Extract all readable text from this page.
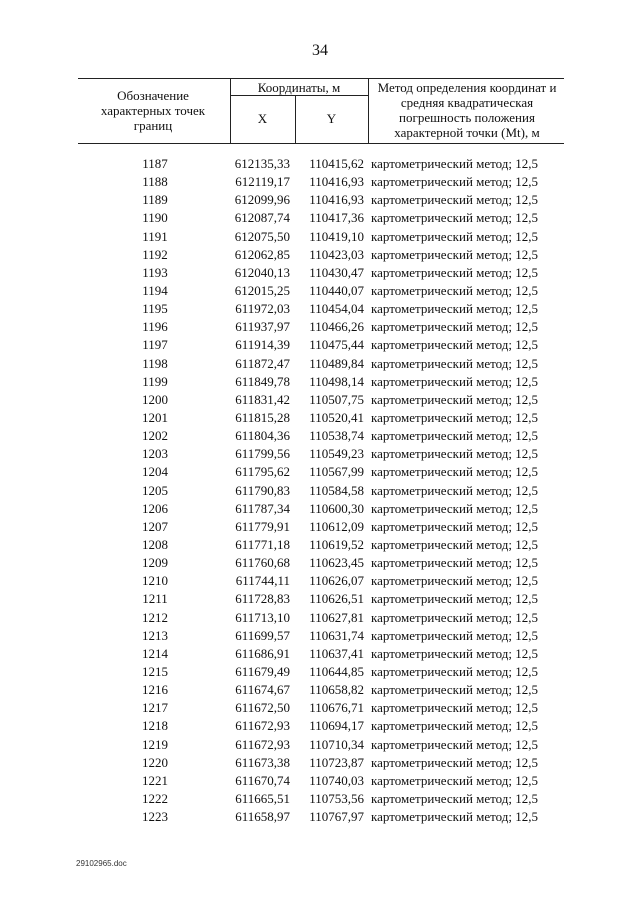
34
Обозначение характерных точек границ
Координаты, м
X	Y
Метод определения координат и средняя квадратическая погрешность положения характерной точки (Mt), м
1187	612135,33	110415,62 картометрический метод; 12,5
1188	612119,17	110416,93 картометрический метод; 12,5
1189	612099,96	110416,93 картометрический метод; 12,5
1190	612087,74	110417,36 картометрический метод; 12,5
1191	612075,50	110419,10 картометрический метод; 12,5
1192	612062,85	110423,03 картометрический метод; 12,5
1193	612040,13	110430,47 картометрический метод; 12,5
1194	612015,25	110440,07 картометрический метод; 12,5
1195	611972,03	110454,04 картометрический метод; 12,5
1196	611937,97	110466,26 картометрический метод; 12,5
1197	611914,39	110475,44 картометрический метод; 12,5
1198	611872,47	110489,84 картометрический метод; 12,5
1199	611849,78	110498,14 картометрический метод; 12,5
1200	611831,42	110507,75 картометрический метод; 12,5
1201	611815,28	110520,41 картометрический метод; 12,5
1202	611804,36	110538,74 картометрический метод; 12,5
1203	611799,56	110549,23 картометрический метод; 12,5
1204	611795,62	110567,99 картометрический метод; 12,5
1205	611790,83	110584,58 картометрический метод; 12,5
1206	611787,34	110600,30 картометрический метод; 12,5
1207	611779,91	110612,09 картометрический метод; 12,5
1208	611771,18	110619,52 картометрический метод; 12,5
1209	611760,68	110623,45 картометрический метод; 12,5
1210	611744,11	110626,07 картометрический метод; 12,5
1211	611728,83	110626,51 картометрический метод; 12,5
1212	611713,10	110627,81 картометрический метод; 12,5
1213	611699,57	110631,74 картометрический метод; 12,5
1214	611686,91	110637,41 картометрический метод; 12,5
1215	611679,49	110644,85 картометрический метод; 12,5
1216	611674,67	110658,82 картометрический метод; 12,5
1217	611672,50	110676,71 картометрический метод; 12,5
1218	611672,93	110694,17 картометрический метод; 12,5
1219	611672,93	110710,34 картометрический метод; 12,5
1220	611673,38	110723,87 картометрический метод; 12,5
1221	611670,74	110740,03 картометрический метод; 12,5
1222	611665,51	110753,56 картометрический метод; 12,5
1223	611658,97	110767,97 картометрический метод; 12,5
29102965.doc
